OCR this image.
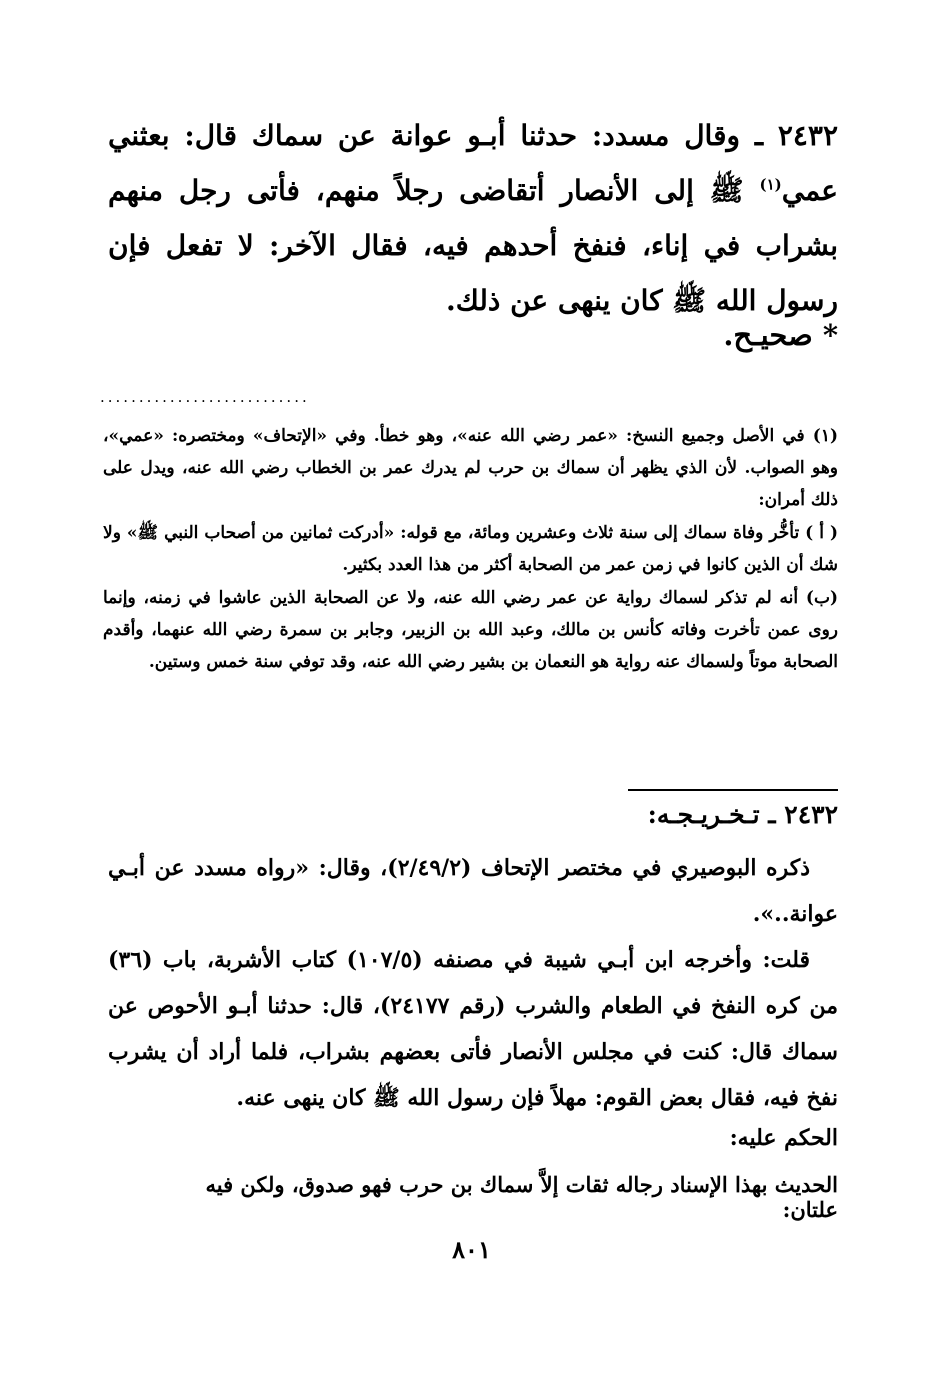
٢٤٣٢ ـ وقال مسدد: حدثنا أبـو عوانة عن سماك قال: بعثني عمي$^{(١)}$ ﷺ إلى الأنصار أتقاضى رجلاً منهم، فأتى رجل منهم بشراب في إناء، فنفخ أحدهم فيه، فقال الآخر: لا تفعل فإن رسول الله ﷺ كان ينهى عن ذلك.

* صحيـح.

...........................

(١) في الأصل وجميع النسخ: «عمر رضي الله عنه»، وهو خطأ. وفي «الإتحاف» ومختصره: «عمي»، وهو الصواب. لأن الذي يظهر أن سماك بن حرب لم يدرك عمر بن الخطاب رضي الله عنه، ويدل على ذلك أمران:

( أ ) تأخُّر وفاة سماك إلى سنة ثلاث وعشرين ومائة، مع قوله: «أدركت ثمانين من أصحاب النبي ﷺ» ولا شك أن الذين كانوا في زمن عمر من الصحابة أكثر من هذا العدد بكثير.

(ب) أنه لم تذكر لسماك رواية عن عمر رضي الله عنه، ولا عن الصحابة الذين عاشوا في زمنه، وإنما روى عمن تأخرت وفاته كأنس بن مالك، وعبد الله بن الزبير، وجابر بن سمرة رضي الله عنهما، وأقدم الصحابة موتاً ولسماك عنه رواية هو النعمان بن بشير رضي الله عنه، وقد توفي سنة خمس وستين.

٢٤٣٢ ـ تـخـريـجـه:

ذكره البوصيري في مختصر الإتحاف (٢/٤٩/٢)، وقال: «رواه مسدد عن أبـي عوانة..».

قلت: وأخرجه ابن أبـي شيبة في مصنفه (١٠٧/٥) كتاب الأشربة، باب (٣٦) من كره النفخ في الطعام والشرب (رقم ٢٤١٧٧)، قال: حدثنا أبـو الأحوص عن سماك قال: كنت في مجلس الأنصار فأتى بعضهم بشراب، فلما أراد أن يشرب نفخ فيه، فقال بعض القوم: مهلاً فإن رسول الله ﷺ كان ينهى عنه.

الحكم عليه:

الحديث بهذا الإسناد رجاله ثقات إلاَّ سماك بن حرب فهو صدوق، ولكن فيه علتان:

٨٠١
